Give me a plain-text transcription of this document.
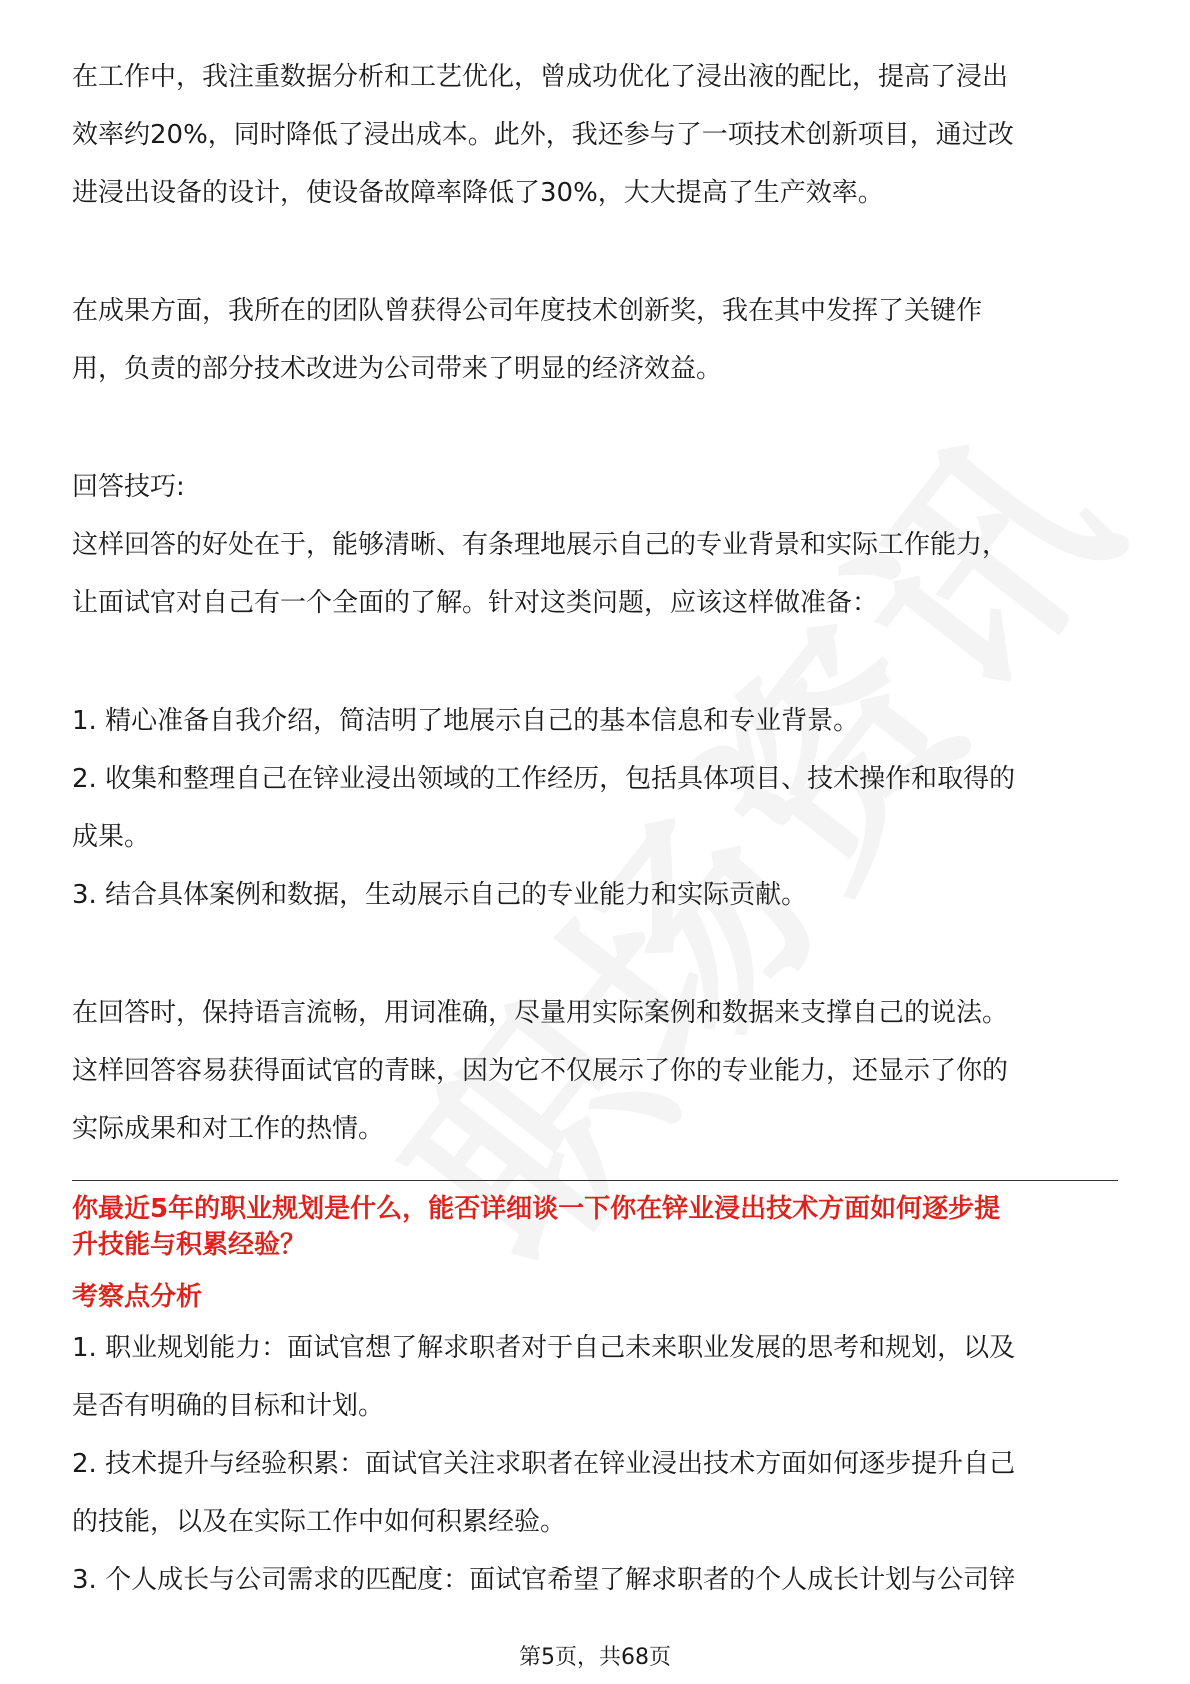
在工作中，我注重数据分析和工艺优化，曾成功优化了浸出液的配比，提高了浸出

效率约20%，同时降低了浸出成本。此外，我还参与了一项技术创新项目，通过改

进浸出设备的设计，使设备故障率降低了30%，大大提高了生产效率。

在成果方面，我所在的团队曾获得公司年度技术创新奖，我在其中发挥了关键作

用，负责的部分技术改进为公司带来了明显的经济效益。

回答技巧:

这样回答的好处在于，能够清晰、有条理地展示自己的专业背景和实际工作能力，

让面试官对自己有一个全面的了解。针对这类问题，应该这样做准备：

1. 精心准备自我介绍，简洁明了地展示自己的基本信息和专业背景。

2. 收集和整理自己在锌业浸出领域的工作经历，包括具体项目、技术操作和取得的

成果。

3. 结合具体案例和数据，生动展示自己的专业能力和实际贡献。

在回答时，保持语言流畅，用词准确，尽量用实际案例和数据来支撑自己的说法。

这样回答容易获得面试官的青睐，因为它不仅展示了你的专业能力，还显示了你的

实际成果和对工作的热情。

你最近5年的职业规划是什么，能否详细谈一下你在锌业浸出技术方面如何逐步提

升技能与积累经验？

考察点分析

1. 职业规划能力：面试官想了解求职者对于自己未来职业发展的思考和规划，以及

是否有明确的目标和计划。

2. 技术提升与经验积累：面试官关注求职者在锌业浸出技术方面如何逐步提升自己

的技能，以及在实际工作中如何积累经验。

3. 个人成长与公司需求的匹配度：面试官希望了解求职者的个人成长计划与公司锌

第5页，共68页
